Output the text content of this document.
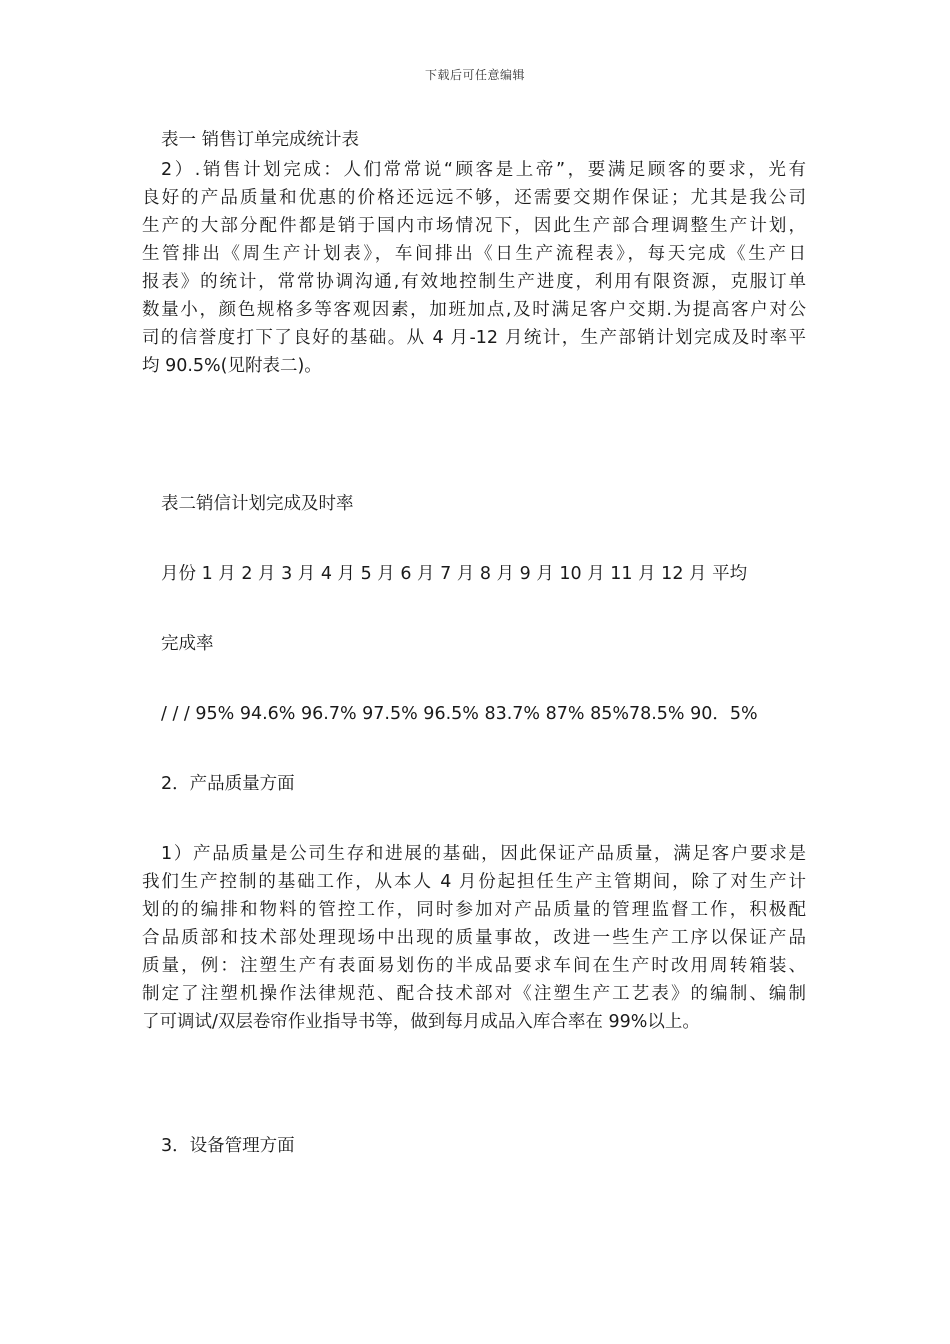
下载后可任意编辑

表一 销售订单完成统计表

2）.销售计划完成：人们常常说“顾客是上帝”，要满足顾客的要求，光有
良好的产品质量和优惠的价格还远远不够，还需要交期作保证；尤其是我公司
生产的大部分配件都是销于国内市场情况下，因此生产部合理调整生产计划，
生管排出《周生产计划表》，车间排出《日生产流程表》，每天完成《生产日
报表》的统计，常常协调沟通,有效地控制生产进度，利用有限资源，克服订单
数量小，颜色规格多等客观因素，加班加点,及时满足客户交期.为提高客户对公
司的信誉度打下了良好的基础。从 4 月-12 月统计，生产部销计划完成及时率平
均 90.5%(见附表二)。

表二销信计划完成及时率

月份 1 月 2 月 3 月 4 月 5 月 6 月 7 月 8 月 9 月 10 月 11 月 12 月 平均

完成率

/ / / 95% 94.6% 96.7% 97.5% 96.5% 83.7% 87% 85%78.5% 90．5%

2．产品质量方面

1）产品质量是公司生存和进展的基础，因此保证产品质量，满足客户要求是
我们生产控制的基础工作，从本人 4 月份起担任生产主管期间，除了对生产计
划的的编排和物料的管控工作，同时参加对产品质量的管理监督工作，积极配
合品质部和技术部处理现场中出现的质量事故，改进一些生产工序以保证产品
质量，例：注塑生产有表面易划伤的半成品要求车间在生产时改用周转箱装、
制定了注塑机操作法律规范、配合技术部对《注塑生产工艺表》的编制、编制
了可调试/双层卷帘作业指导书等，做到每月成品入库合率在 99%以上。

3．设备管理方面
